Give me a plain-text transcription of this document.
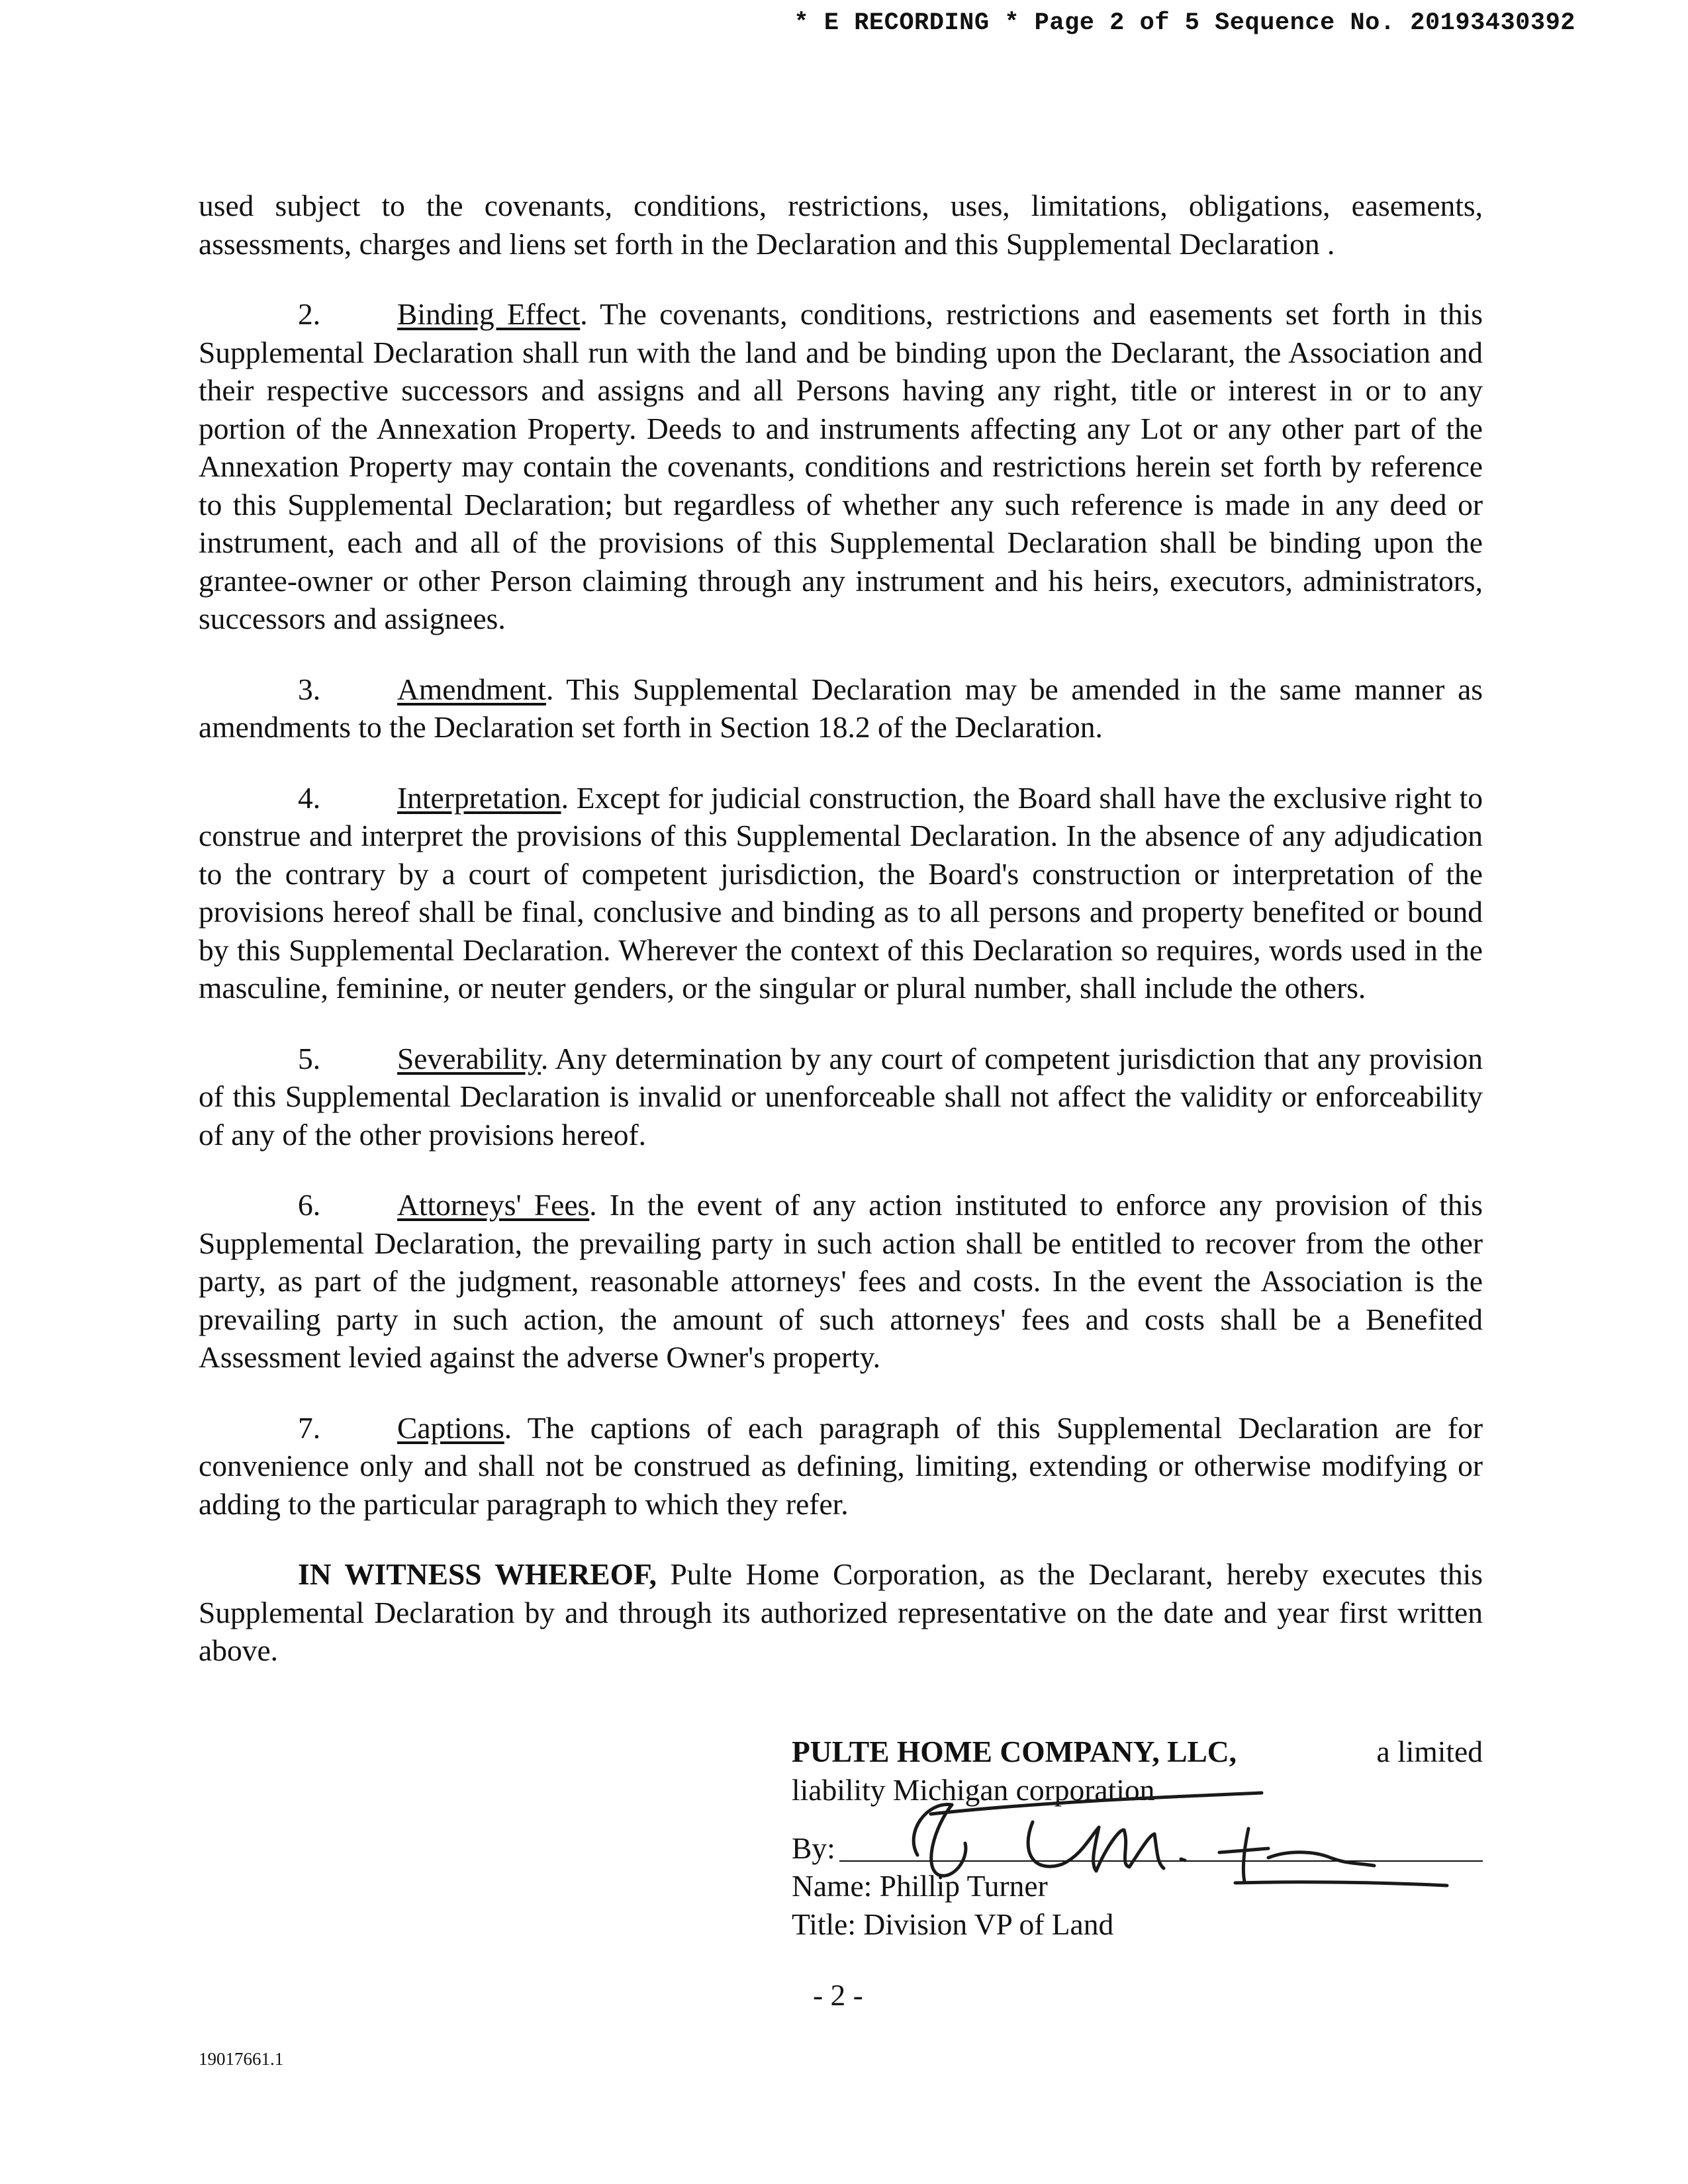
* E RECORDING * Page 2 of 5 Sequence No. 20193430392

used subject to the covenants, conditions, restrictions, uses, limitations, obligations, easements, assessments, charges and liens set forth in the Declaration and this Supplemental Declaration .

2.	Binding Effect. The covenants, conditions, restrictions and easements set forth in this Supplemental Declaration shall run with the land and be binding upon the Declarant, the Association and their respective successors and assigns and all Persons having any right, title or interest in or to any portion of the Annexation Property. Deeds to and instruments affecting any Lot or any other part of the Annexation Property may contain the covenants, conditions and restrictions herein set forth by reference to this Supplemental Declaration; but regardless of whether any such reference is made in any deed or instrument, each and all of the provisions of this Supplemental Declaration shall be binding upon the grantee-owner or other Person claiming through any instrument and his heirs, executors, administrators, successors and assignees.

3.	Amendment. This Supplemental Declaration may be amended in the same manner as amendments to the Declaration set forth in Section 18.2 of the Declaration.

4.	Interpretation. Except for judicial construction, the Board shall have the exclusive right to construe and interpret the provisions of this Supplemental Declaration. In the absence of any adjudication to the contrary by a court of competent jurisdiction, the Board's construction or interpretation of the provisions hereof shall be final, conclusive and binding as to all persons and property benefited or bound by this Supplemental Declaration. Wherever the context of this Declaration so requires, words used in the masculine, feminine, or neuter genders, or the singular or plural number, shall include the others.

5.	Severability. Any determination by any court of competent jurisdiction that any provision of this Supplemental Declaration is invalid or unenforceable shall not affect the validity or enforceability of any of the other provisions hereof.

6.	Attorneys' Fees. In the event of any action instituted to enforce any provision of this Supplemental Declaration, the prevailing party in such action shall be entitled to recover from the other party, as part of the judgment, reasonable attorneys' fees and costs. In the event the Association is the prevailing party in such action, the amount of such attorneys' fees and costs shall be a Benefited Assessment levied against the adverse Owner's property.

7.	Captions. The captions of each paragraph of this Supplemental Declaration are for convenience only and shall not be construed as defining, limiting, extending or otherwise modifying or adding to the particular paragraph to which they refer.

IN WITNESS WHEREOF, Pulte Home Corporation, as the Declarant, hereby executes this Supplemental Declaration by and through its authorized representative on the date and year first written above.

PULTE HOME COMPANY, LLC,	a limited
liability Michigan corporation
By:
Name: Phillip Turner
Title: Division VP of Land
- 2 -
19017661.1
